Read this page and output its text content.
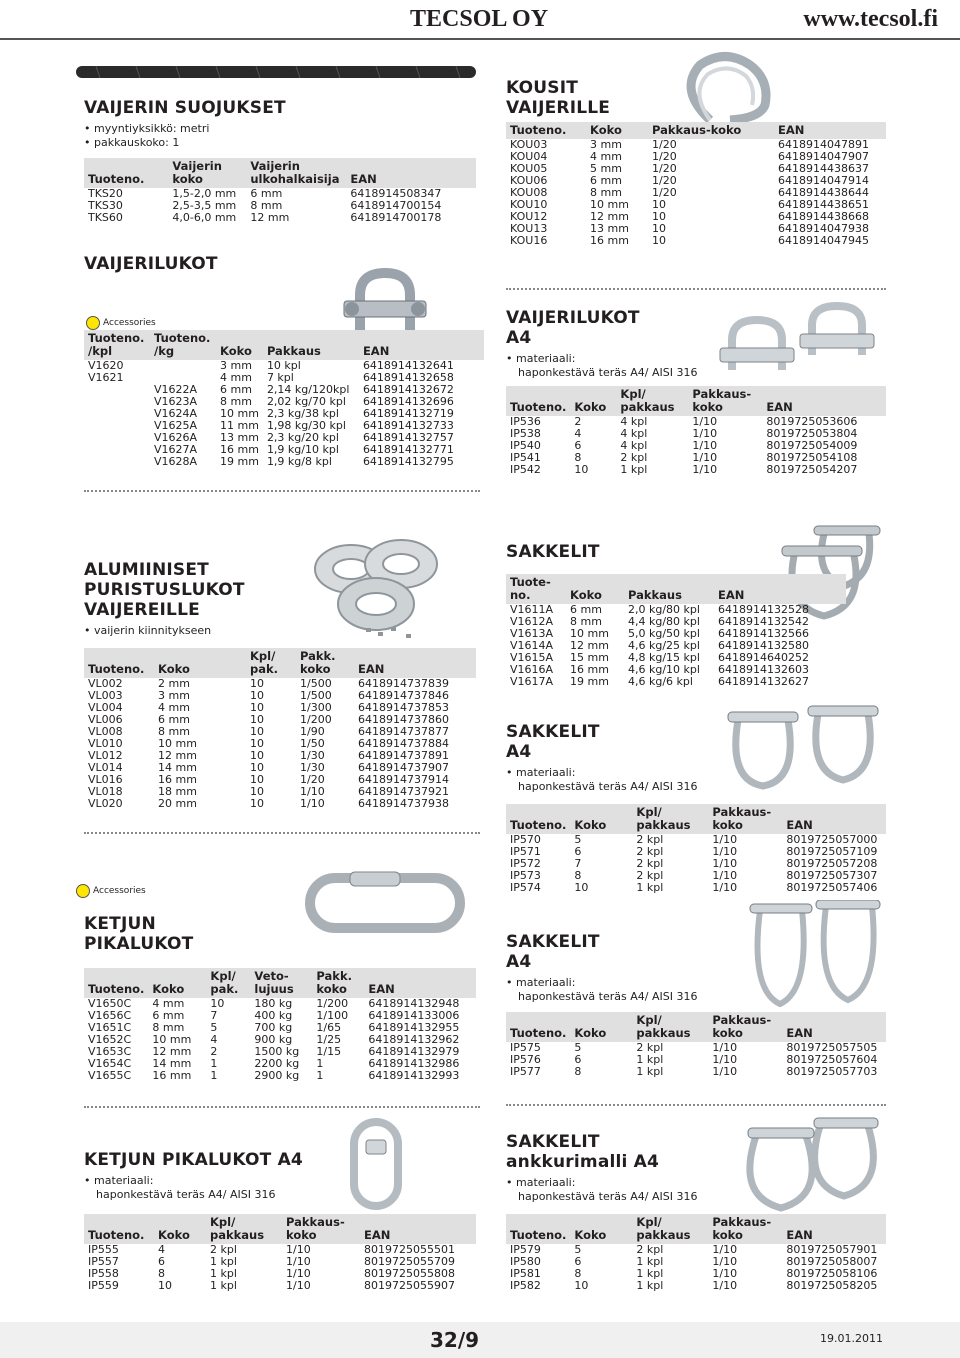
TECSOL OY	www.tecsol.fi
VAIJERIN SUOJUKSET
• myyntiyksikkö: metri
• pakkauskoko: 1
Tuoteno.	Vaijerin koko	Vaijerin ulkohalkaisija	EAN
TKS20	1,5-2,0 mm	6 mm	6418914508347
TKS30	2,5-3,5 mm	8 mm	6418914700154
TKS60	4,0-6,0 mm	12 mm	6418914700178
VAIJERILUKOT
Accessories
Tuoteno. /kpl	Tuoteno. /kg	Koko	Pakkaus	EAN
V1620		3 mm	10 kpl	6418914132641
V1621		4 mm	7 kpl	6418914132658
	V1622A	6 mm	2,14 kg/120kpl	6418914132672
	V1623A	8 mm	2,02 kg/70 kpl	6418914132696
	V1624A	10 mm	2,3 kg/38 kpl	6418914132719
	V1625A	11 mm	1,98 kg/30 kpl	6418914132733
	V1626A	13 mm	2,3 kg/20 kpl	6418914132757
	V1627A	16 mm	1,9 kg/10 kpl	6418914132771
	V1628A	19 mm	1,9 kg/8 kpl	6418914132795
KOUSIT VAIJERILLE
Tuoteno.	Koko	Pakkaus-koko	EAN
KOU03	3 mm	1/20	6418914047891
KOU04	4 mm	1/20	6418914047907
KOU05	5 mm	1/20	6418914438637
KOU06	6 mm	1/20	6418914047914
KOU08	8 mm	1/20	6418914438644
KOU10	10 mm	10	6418914438651
KOU12	12 mm	10	6418914438668
KOU13	13 mm	10	6418914047938
KOU16	16 mm	10	6418914047945
VAIJERILUKOT A4
• materiaali:
haponkestävä teräs A4/ AISI 316
Tuoteno.	Koko	Kpl/ pakkaus	Pakkaus-koko	EAN
IP536	2	4 kpl	1/10	8019725053606
IP538	4	4 kpl	1/10	8019725053804
IP540	6	4 kpl	1/10	8019725054009
IP541	8	2 kpl	1/10	8019725054108
IP542	10	1 kpl	1/10	8019725054207
ALUMIINISET PURISTUSLUKOT VAIJEREILLE
• vaijerin kiinnitykseen
Tuoteno.	Koko	Kpl/ pak.	Pakk. koko	EAN
VL002	2 mm	10	1/500	6418914737839
VL003	3 mm	10	1/500	6418914737846
VL004	4 mm	10	1/300	6418914737853
VL006	6 mm	10	1/200	6418914737860
VL008	8 mm	10	1/90	6418914737877
VL010	10 mm	10	1/50	6418914737884
VL012	12 mm	10	1/30	6418914737891
VL014	14 mm	10	1/30	6418914737907
VL016	16 mm	10	1/20	6418914737914
VL018	18 mm	10	1/10	6418914737921
VL020	20 mm	10	1/10	6418914737938
Accessories
KETJUN PIKALUKOT
Tuoteno.	Koko	Kpl/ pak.	Veto-lujuus	Pakk. koko	EAN
V1650C	4 mm	10	180 kg	1/200	6418914132948
V1656C	6 mm	7	400 kg	1/100	6418914133006
V1651C	8 mm	5	700 kg	1/65	6418914132955
V1652C	10 mm	4	900 kg	1/25	6418914132962
V1653C	12 mm	2	1500 kg	1/15	6418914132979
V1654C	14 mm	1	2200 kg	1	6418914132986
V1655C	16 mm	1	2900 kg	1	6418914132993
KETJUN PIKALUKOT A4
• materiaali:
haponkestävä teräs A4/ AISI 316
Tuoteno.	Koko	Kpl/ pakkaus	Pakkaus-koko	EAN
IP555	4	2 kpl	1/10	8019725055501
IP557	6	1 kpl	1/10	8019725055709
IP558	8	1 kpl	1/10	8019725055808
IP559	10	1 kpl	1/10	8019725055907
SAKKELIT
Tuote-no.	Koko	Pakkaus	EAN
V1611A	6 mm	2,0 kg/80 kpl	6418914132528
V1612A	8 mm	4,4 kg/80 kpl	6418914132542
V1613A	10 mm	5,0 kg/50 kpl	6418914132566
V1614A	12 mm	4,6 kg/25 kpl	6418914132580
V1615A	15 mm	4,8 kg/15 kpl	6418914640252
V1616A	16 mm	4,6 kg/10 kpl	6418914132603
V1617A	19 mm	4,6 kg/6 kpl	6418914132627
SAKKELIT A4
• materiaali:
haponkestävä teräs A4/ AISI 316
Tuoteno.	Koko	Kpl/ pakkaus	Pakkaus-koko	EAN
IP570	5	2 kpl	1/10	8019725057000
IP571	6	2 kpl	1/10	8019725057109
IP572	7	2 kpl	1/10	8019725057208
IP573	8	2 kpl	1/10	8019725057307
IP574	10	1 kpl	1/10	8019725057406
SAKKELIT A4
• materiaali:
haponkestävä teräs A4/ AISI 316
Tuoteno.	Koko	Kpl/ pakkaus	Pakkaus-koko	EAN
IP575	5	2 kpl	1/10	8019725057505
IP576	6	1 kpl	1/10	8019725057604
IP577	8	1 kpl	1/10	8019725057703
SAKKELIT ankkurimalli A4
• materiaali:
haponkestävä teräs A4/ AISI 316
Tuoteno.	Koko	Kpl/ pakkaus	Pakkaus-koko	EAN
IP579	5	2 kpl	1/10	8019725057901
IP580	6	1 kpl	1/10	8019725058007
IP581	8	1 kpl	1/10	8019725058106
IP582	10	1 kpl	1/10	8019725058205
32/9	19.01.2011
